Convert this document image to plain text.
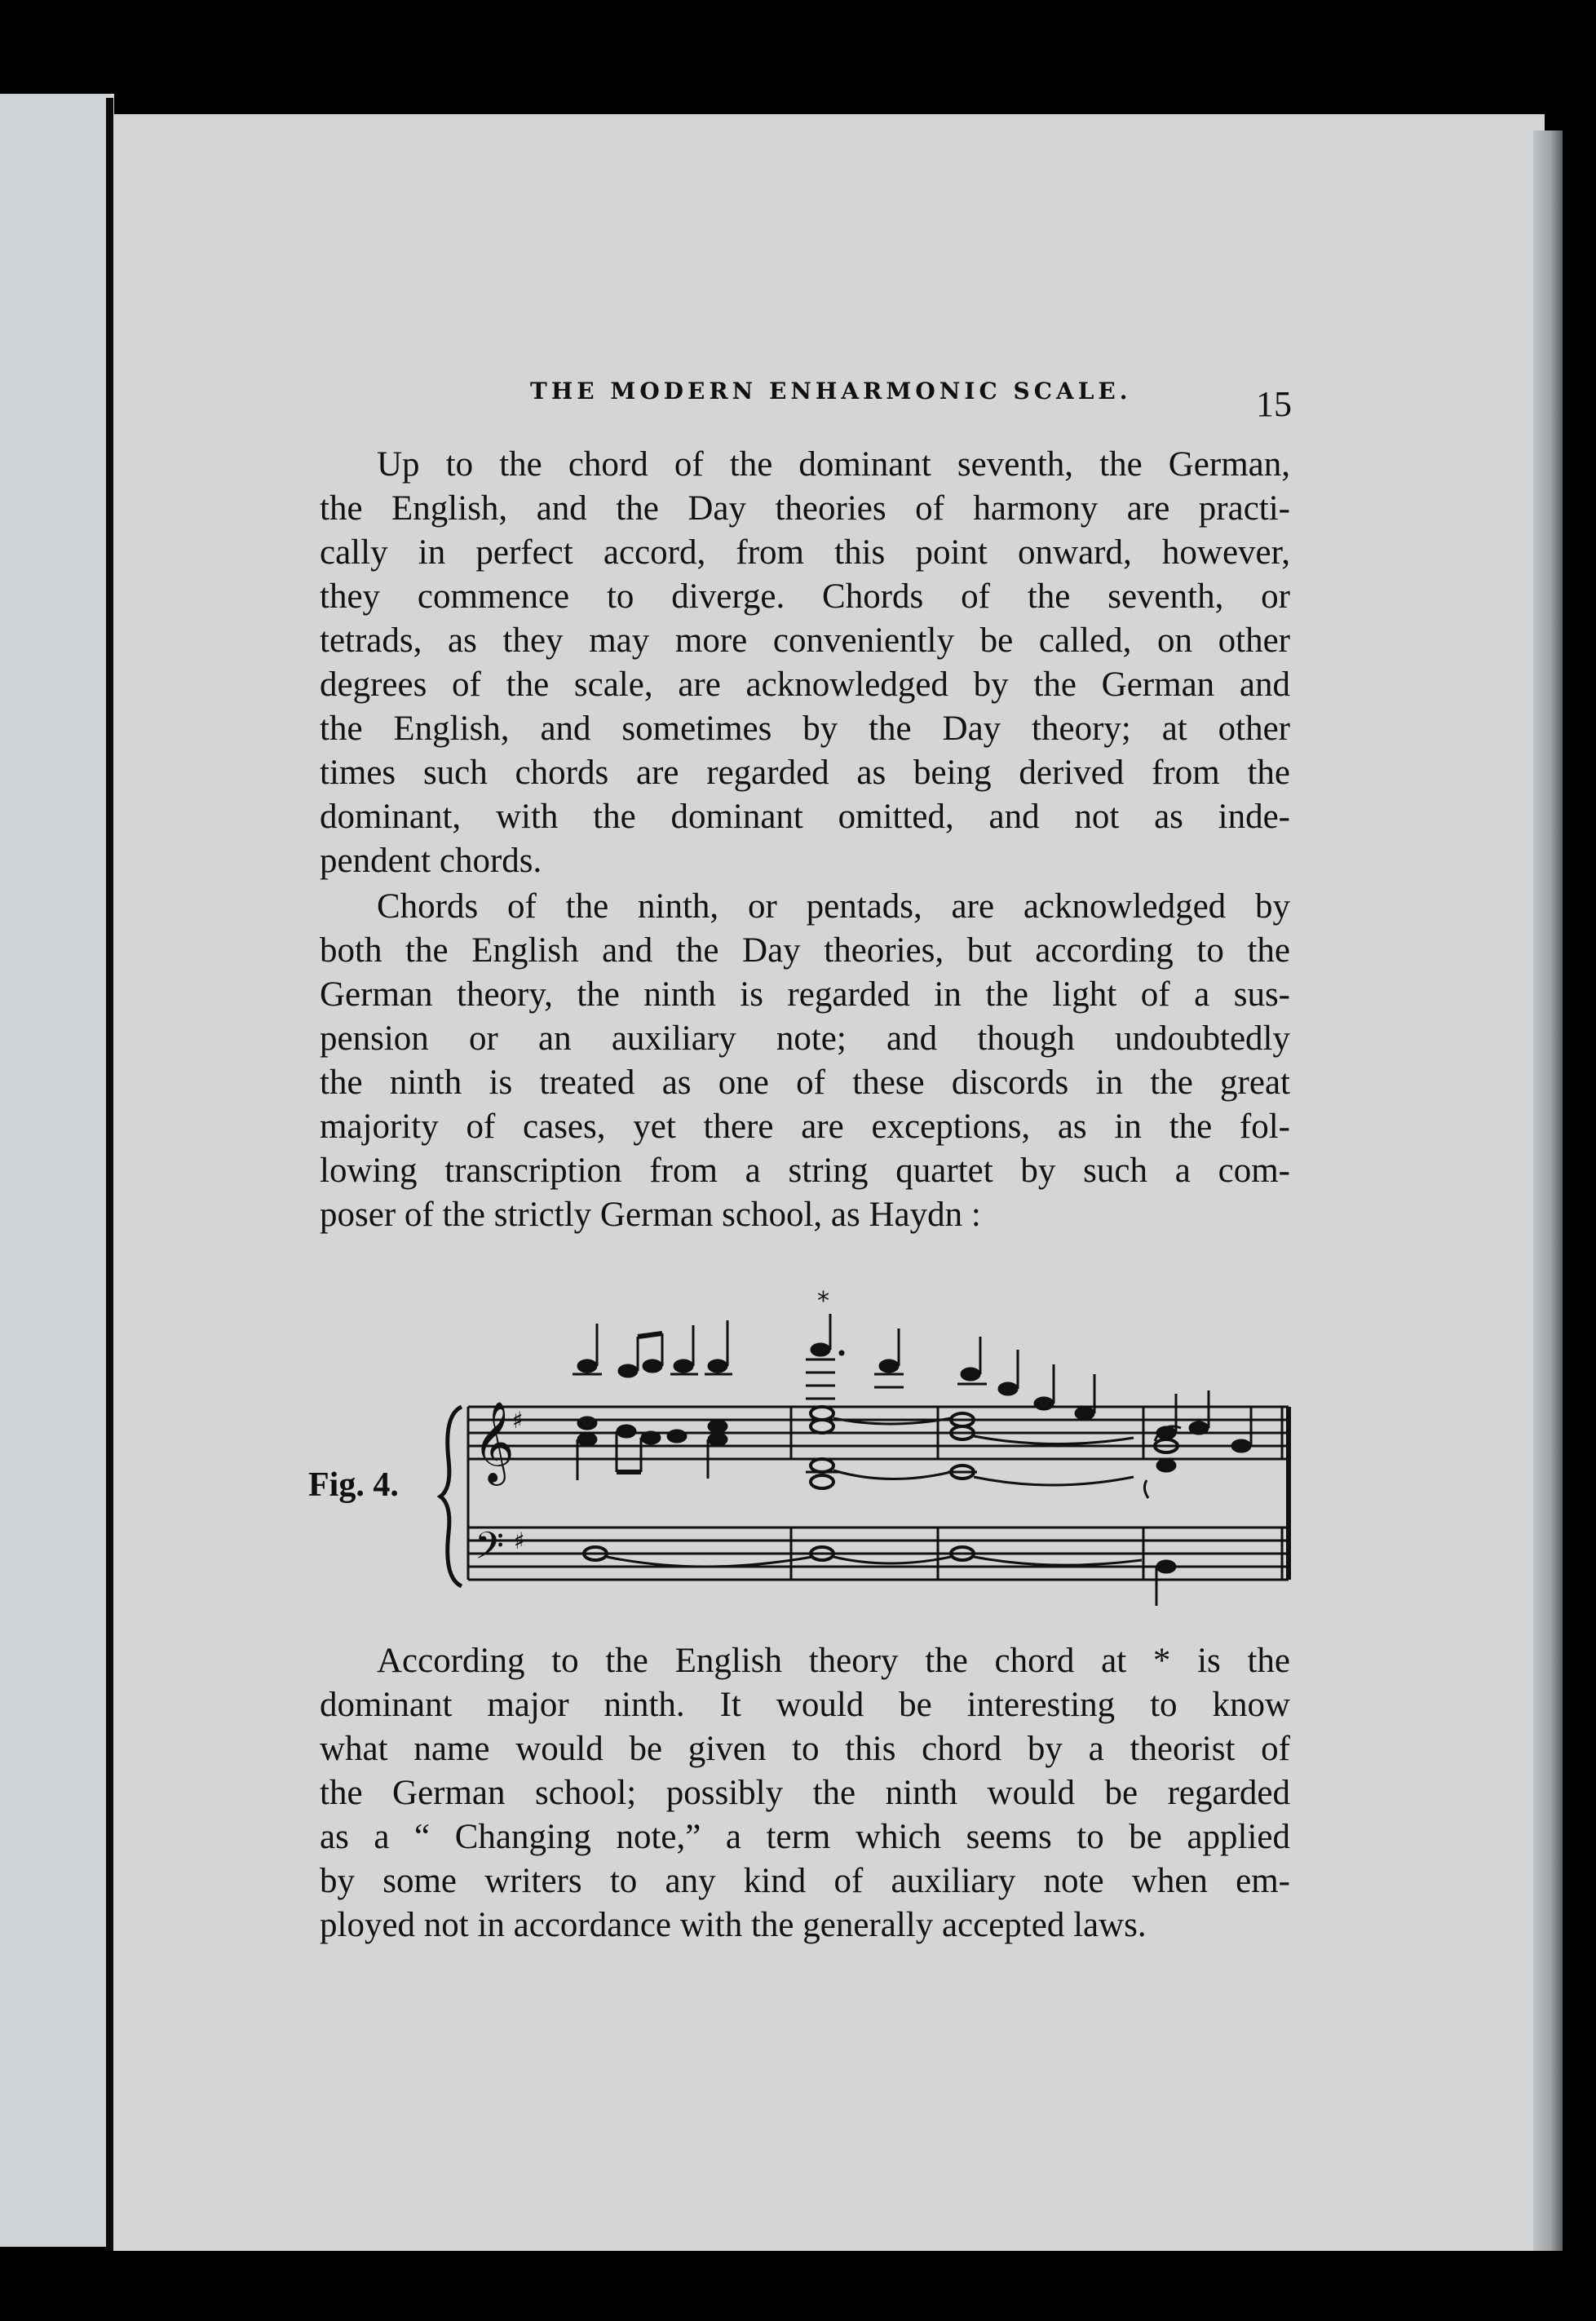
THE MODERN ENHARMONIC SCALE.	15
Up to the chord of the dominant seventh, the German,
the English, and the Day theories of harmony are practi-
cally in perfect accord, from this point onward, however,
they commence to diverge. Chords of the seventh, or
tetrads, as they may more conveniently be called, on other
degrees of the scale, are acknowledged by the German and
the English, and sometimes by the Day theory; at other
times such chords are regarded as being derived from the
dominant, with the dominant omitted, and not as inde-
pendent chords.
Chords of the ninth, or pentads, are acknowledged by
both the English and the Day theories, but according to the
German theory, the ninth is regarded in the light of a sus-
pension or an auxiliary note; and though undoubtedly
the ninth is treated as one of these discords in the great
majority of cases, yet there are exceptions, as in the fol-
lowing transcription from a string quartet by such a com-
poser of the strictly German school, as Haydn :
Fig. 4.
*
𝄞
♯
𝄢 ♯
According to the English theory the chord at * is the
dominant major ninth. It would be interesting to know
what name would be given to this chord by a theorist of
the German school; possibly the ninth would be regarded
as a “ Changing note,” a term which seems to be applied
by some writers to any kind of auxiliary note when em-
ployed not in accordance with the generally accepted laws.
